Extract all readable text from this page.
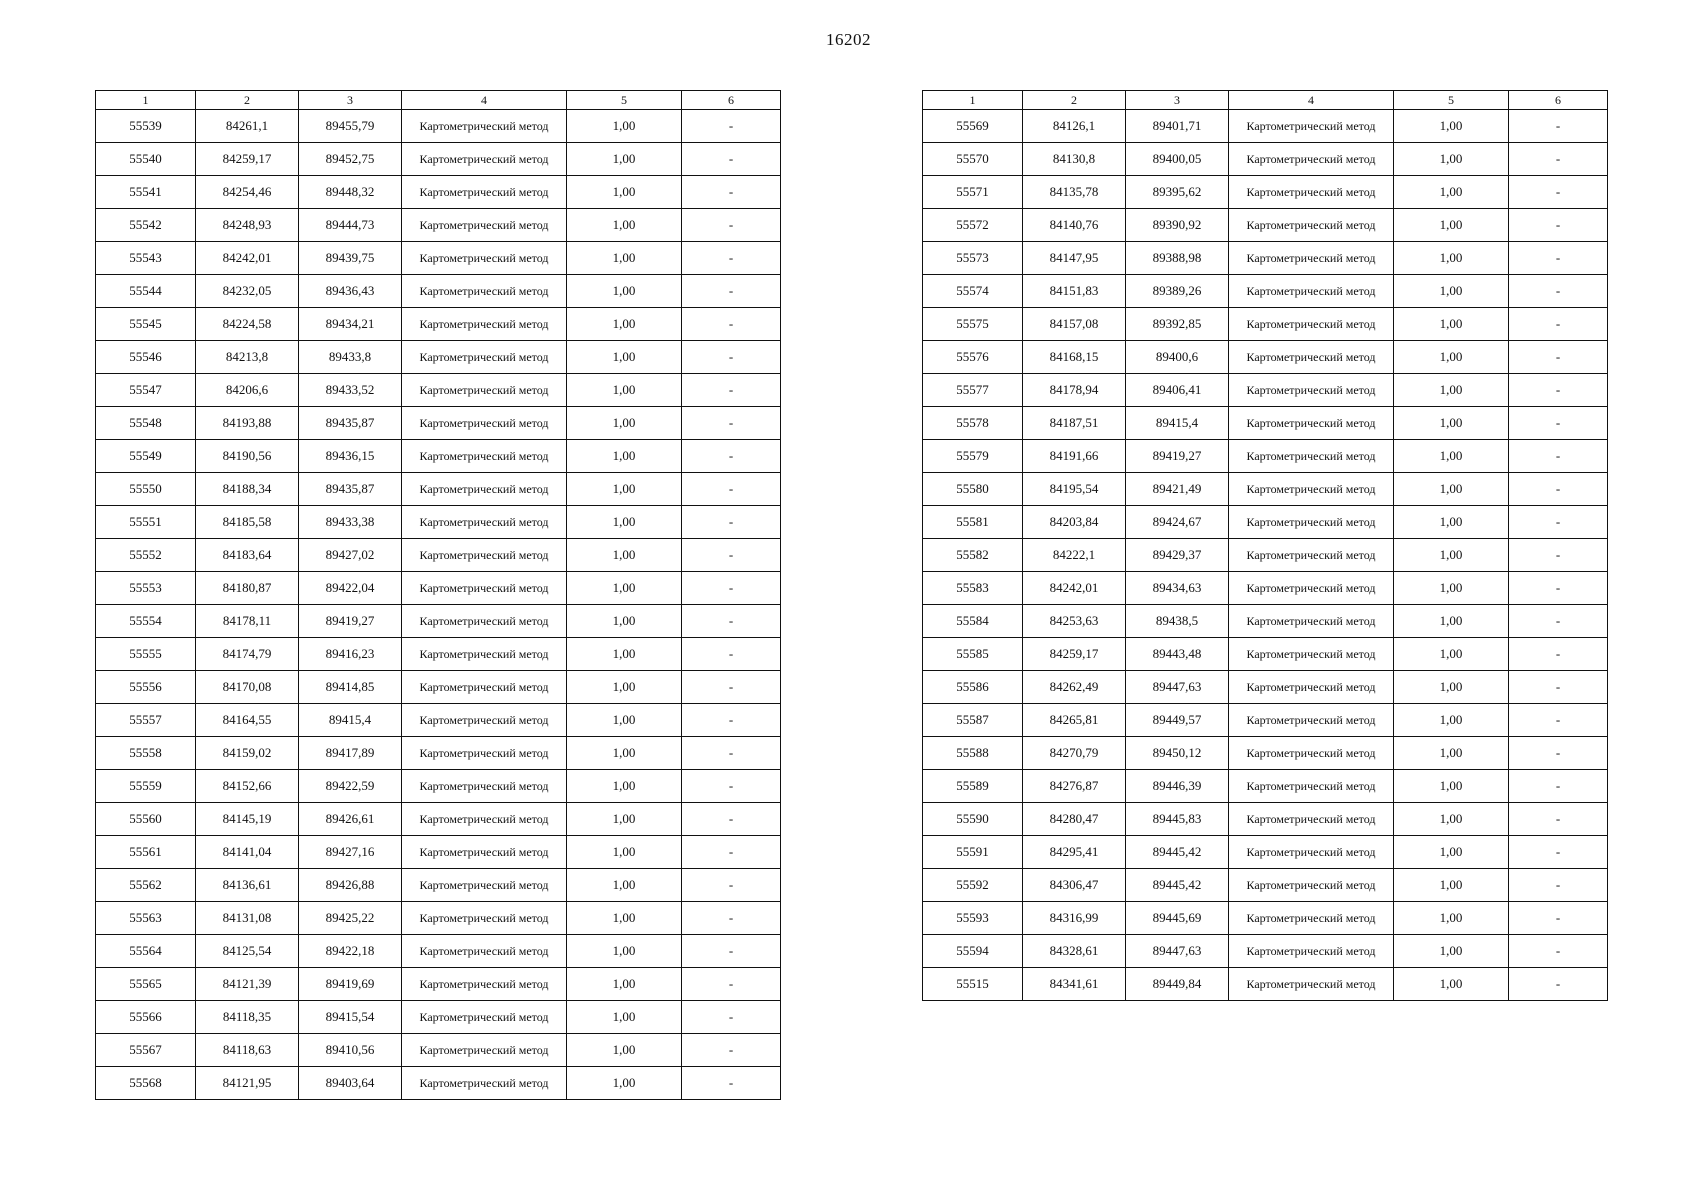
16202
1	2	3	4	5	6
55539	84261,1	89455,79	Картометрический метод	1,00	-
55540	84259,17	89452,75	Картометрический метод	1,00	-
55541	84254,46	89448,32	Картометрический метод	1,00	-
55542	84248,93	89444,73	Картометрический метод	1,00	-
55543	84242,01	89439,75	Картометрический метод	1,00	-
55544	84232,05	89436,43	Картометрический метод	1,00	-
55545	84224,58	89434,21	Картометрический метод	1,00	-
55546	84213,8	89433,8	Картометрический метод	1,00	-
55547	84206,6	89433,52	Картометрический метод	1,00	-
55548	84193,88	89435,87	Картометрический метод	1,00	-
55549	84190,56	89436,15	Картометрический метод	1,00	-
55550	84188,34	89435,87	Картометрический метод	1,00	-
55551	84185,58	89433,38	Картометрический метод	1,00	-
55552	84183,64	89427,02	Картометрический метод	1,00	-
55553	84180,87	89422,04	Картометрический метод	1,00	-
55554	84178,11	89419,27	Картометрический метод	1,00	-
55555	84174,79	89416,23	Картометрический метод	1,00	-
55556	84170,08	89414,85	Картометрический метод	1,00	-
55557	84164,55	89415,4	Картометрический метод	1,00	-
55558	84159,02	89417,89	Картометрический метод	1,00	-
55559	84152,66	89422,59	Картометрический метод	1,00	-
55560	84145,19	89426,61	Картометрический метод	1,00	-
55561	84141,04	89427,16	Картометрический метод	1,00	-
55562	84136,61	89426,88	Картометрический метод	1,00	-
55563	84131,08	89425,22	Картометрический метод	1,00	-
55564	84125,54	89422,18	Картометрический метод	1,00	-
55565	84121,39	89419,69	Картометрический метод	1,00	-
55566	84118,35	89415,54	Картометрический метод	1,00	-
55567	84118,63	89410,56	Картометрический метод	1,00	-
55568	84121,95	89403,64	Картометрический метод	1,00	-
1	2	3	4	5	6
55569	84126,1	89401,71	Картометрический метод	1,00	-
55570	84130,8	89400,05	Картометрический метод	1,00	-
55571	84135,78	89395,62	Картометрический метод	1,00	-
55572	84140,76	89390,92	Картометрический метод	1,00	-
55573	84147,95	89388,98	Картометрический метод	1,00	-
55574	84151,83	89389,26	Картометрический метод	1,00	-
55575	84157,08	89392,85	Картометрический метод	1,00	-
55576	84168,15	89400,6	Картометрический метод	1,00	-
55577	84178,94	89406,41	Картометрический метод	1,00	-
55578	84187,51	89415,4	Картометрический метод	1,00	-
55579	84191,66	89419,27	Картометрический метод	1,00	-
55580	84195,54	89421,49	Картометрический метод	1,00	-
55581	84203,84	89424,67	Картометрический метод	1,00	-
55582	84222,1	89429,37	Картометрический метод	1,00	-
55583	84242,01	89434,63	Картометрический метод	1,00	-
55584	84253,63	89438,5	Картометрический метод	1,00	-
55585	84259,17	89443,48	Картометрический метод	1,00	-
55586	84262,49	89447,63	Картометрический метод	1,00	-
55587	84265,81	89449,57	Картометрический метод	1,00	-
55588	84270,79	89450,12	Картометрический метод	1,00	-
55589	84276,87	89446,39	Картометрический метод	1,00	-
55590	84280,47	89445,83	Картометрический метод	1,00	-
55591	84295,41	89445,42	Картометрический метод	1,00	-
55592	84306,47	89445,42	Картометрический метод	1,00	-
55593	84316,99	89445,69	Картометрический метод	1,00	-
55594	84328,61	89447,63	Картометрический метод	1,00	-
55515	84341,61	89449,84	Картометрический метод	1,00	-
